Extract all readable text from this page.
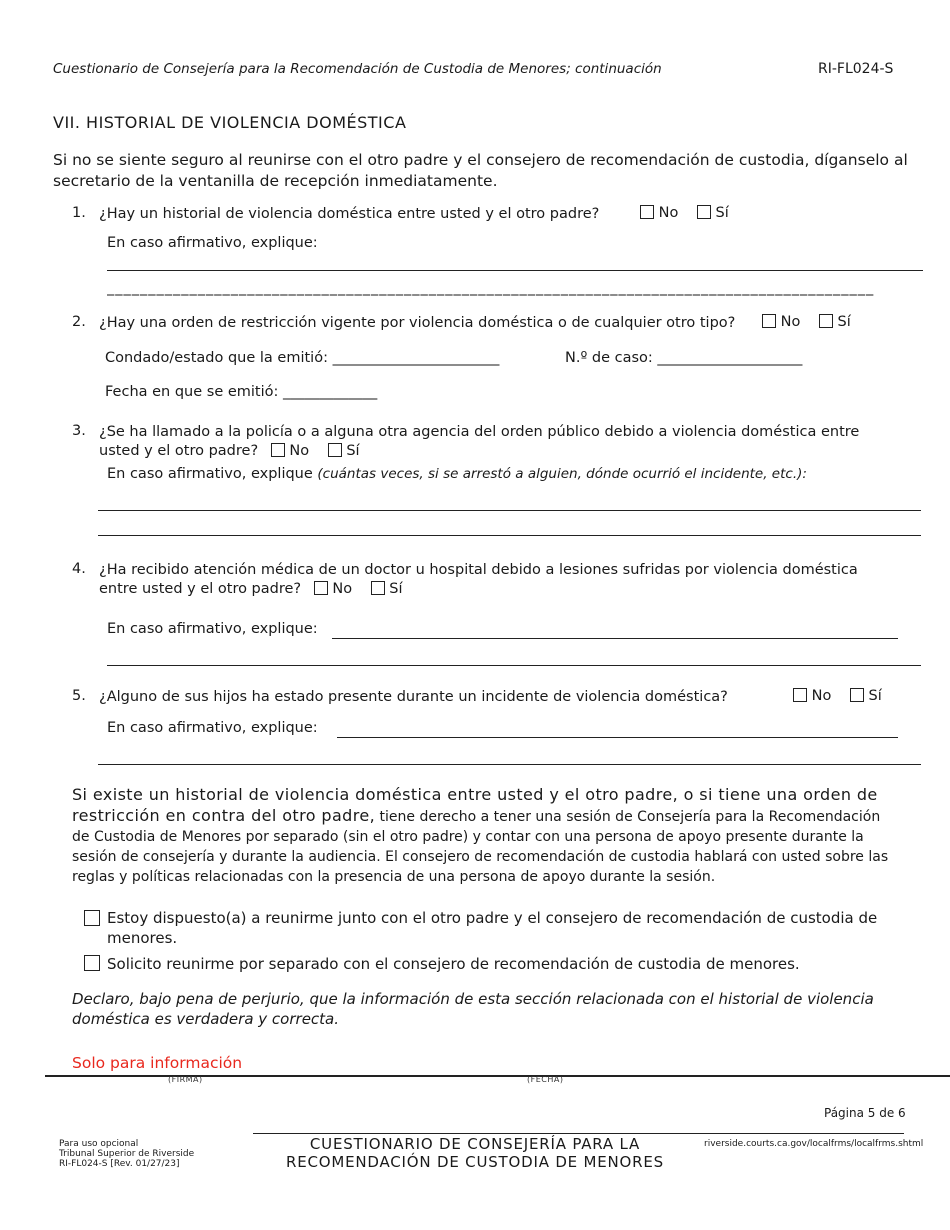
Cuestionario de Consejería para la Recomendación de Custodia de Menores; continuación	RI-FL024-S
VII. HISTORIAL DE VIOLENCIA DOMÉSTICA
Si no se siente seguro al reunirse con el otro padre y el consejero de recomendación de custodia, díganselo al secretario de la ventanilla de recepción inmediatamente.
1. ¿Hay un historial de violencia doméstica entre usted y el otro padre?	No	Sí
En caso afirmativo, explique:
_____________________________________________________________________________________________
2. ¿Hay una orden de restricción vigente por violencia doméstica o de cualquier otro tipo?	No	Sí
Condado/estado que la emitió: _______________________	N.º de caso: ____________________
Fecha en que se emitió: _____________
3. ¿Se ha llamado a la policía o a alguna otra agencia del orden público debido a violencia doméstica entre usted y el otro padre? No	Sí
En caso afirmativo, explique (cuántas veces, si se arrestó a alguien, dónde ocurrió el incidente, etc.):
4. ¿Ha recibido atención médica de un doctor u hospital debido a lesiones sufridas por violencia doméstica entre usted y el otro padre? No	Sí
En caso afirmativo, explique:
5. ¿Alguno de sus hijos ha estado presente durante un incidente de violencia doméstica?	No	Sí
En caso afirmativo, explique:
Si existe un historial de violencia doméstica entre usted y el otro padre, o si tiene una orden de restricción en contra del otro padre, tiene derecho a tener una sesión de Consejería para la Recomendación de Custodia de Menores por separado (sin el otro padre) y contar con una persona de apoyo presente durante la sesión de consejería y durante la audiencia. El consejero de recomendación de custodia hablará con usted sobre las reglas y políticas relacionadas con la presencia de una persona de apoyo durante la sesión.
Estoy dispuesto(a) a reunirme junto con el otro padre y el consejero de recomendación de custodia de menores.
Solicito reunirme por separado con el consejero de recomendación de custodia de menores.
Declaro, bajo pena de perjurio, que la información de esta sección relacionada con el historial de violencia doméstica es verdadera y correcta.
Solo para información
(FIRMA)	(FECHA)
Página 5 de 6
Para uso opcional
Tribunal Superior de Riverside
RI-FL024-S [Rev. 01/27/23]
CUESTIONARIO DE CONSEJERÍA PARA LA RECOMENDACIÓN DE CUSTODIA DE MENORES
riverside.courts.ca.gov/localfrms/localfrms.shtml
